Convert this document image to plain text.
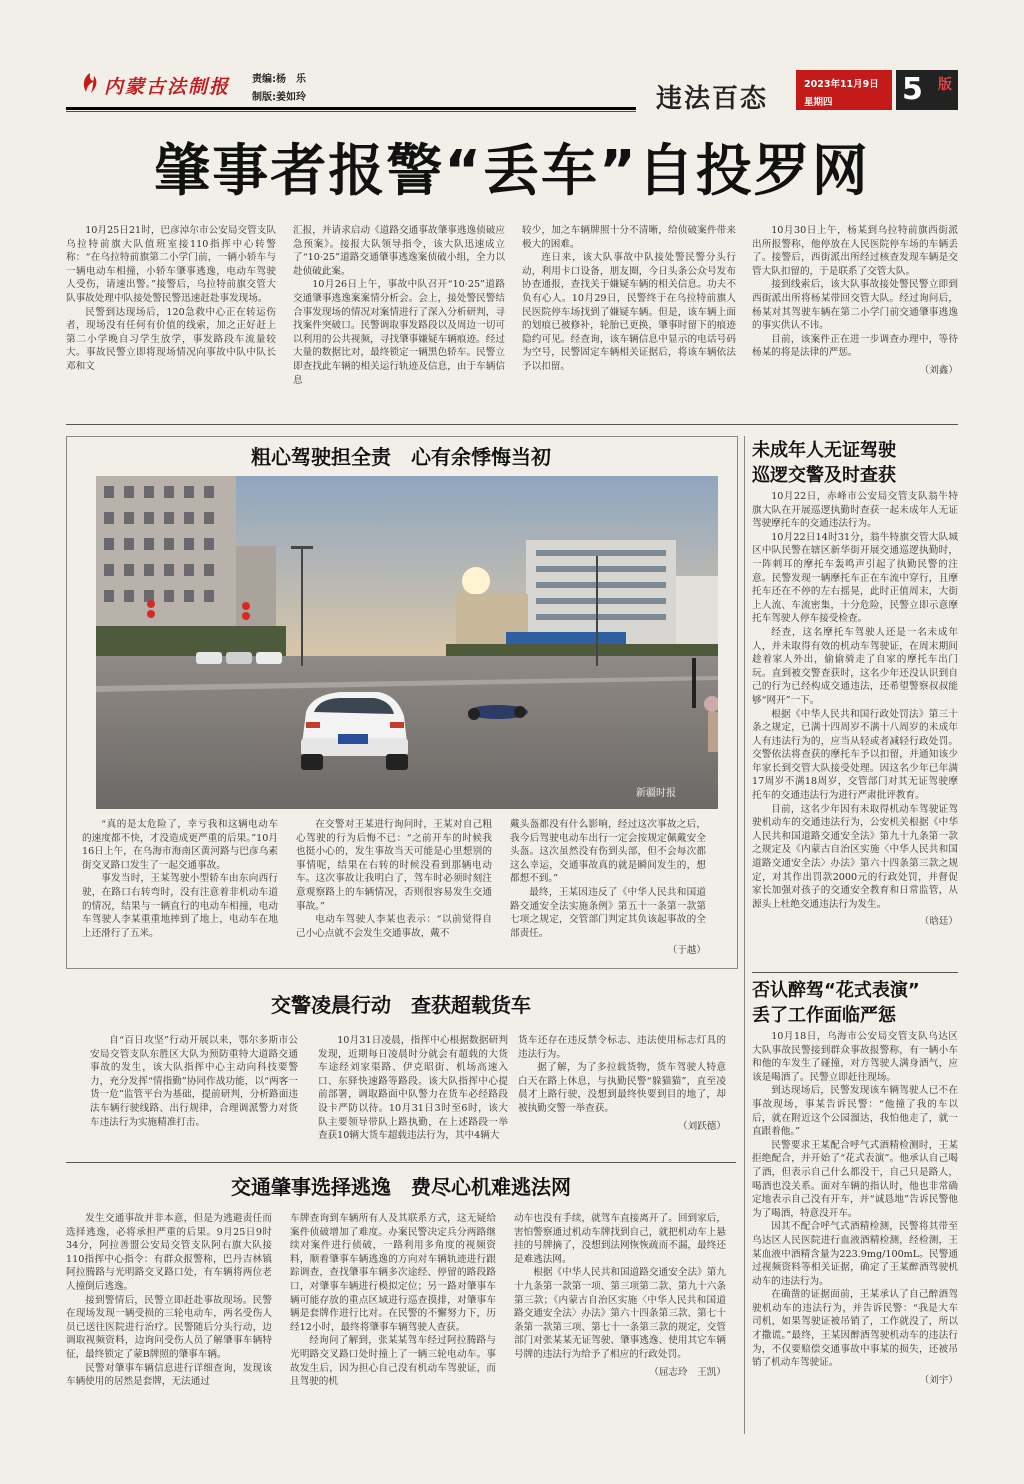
内蒙古法制报 责编:杨　乐
制版:姜如玲	违法百态	2023年11月9日
星期四 5 版
肇事者报警“丢车”自投罗网

10月25日21时，巴彦淖尔市公安局交管支队乌拉特前旗大队值班室接110指挥中心转警称：“在乌拉特前旗第二小学门前，一辆小轿车与一辆电动车相撞，小轿车肇事逃逸，电动车驾驶人受伤，请速出警。”接警后，乌拉特前旗交管大队事故处理中队接处警民警迅速赶赴事发现场。

民警到达现场后，120急救中心正在转运伤者，现场没有任何有价值的线索，加之正好赶上第二小学晚自习学生放学，事发路段车流量较大。事故民警立即将现场情况向事故中队中队长邓和文

汇报，并请求启动《道路交通事故肇事逃逸侦破应急预案》。接报大队领导指令，该大队迅速成立了“10·25”道路交通肇事逃逸案侦破小组，全力以赴侦破此案。

10月26日上午，事故中队召开“10·25”道路交通肇事逃逸案案情分析会。会上，接处警民警结合事发现场的情况对案情进行了深入分析研判，寻找案件突破口。民警调取事发路段以及周边一切可以利用的公共视频，寻找肇事嫌疑车辆痕迹。经过大量的数据比对，最终锁定一辆黑色轿车。民警立即查找此车辆的相关运行轨迹及信息，由于车辆信息

较少，加之车辆牌照十分不清晰，给侦破案件带来极大的困难。

连日来，该大队事故中队接处警民警分头行动，利用卡口设备，朋友圈，今日头条公众号发布协查通报，查找关于嫌疑车辆的相关信息。功夫不负有心人。10月29日，民警终于在乌拉特前旗人民医院停车场找到了嫌疑车辆。但是，该车辆上面的划痕已被修补，轮胎已更换，肇事时留下的痕迹隐约可见。经查询，该车辆信息中显示的电话号码为空号，民警固定车辆相关证据后，将该车辆依法予以扣留。

10月30日上午，杨某到乌拉特前旗西街派出所报警称，他停放在人民医院停车场的车辆丢了。接警后，西街派出所经过核查发现车辆是交管大队扣留的，于是联系了交管大队。

接到线索后，该大队事故接处警民警立即到西街派出所将杨某带回交管大队。经过询问后，杨某对其驾驶车辆在第二小学门前交通肇事逃逸的事实供认不讳。

目前，该案件正在进一步调查办理中，等待杨某的将是法律的严惩。

（刘鑫）
粗心驾驶担全责　心有余悸悔当初
新疆时报

“真的是太危险了，幸亏我和这辆电动车的速度都不快，才没造成更严重的后果。”10月16日上午，在乌海市海南区黄河路与巴彦乌素街交叉路口发生了一起交通事故。

事发当时，王某驾驶小型轿车由东向西行驶，在路口右转弯时，没有注意着非机动车道的情况，结果与一辆直行的电动车相撞，电动车驾驶人李某重重地摔到了地上，电动车在地上还滑行了五米。

在交警对王某进行询问时，王某对自己粗心驾驶的行为后悔不已：“之前开车的时候我也挺小心的，发生事故当天可能是心里想别的事情呢，结果在右转的时候没看到那辆电动车。这次事故让我明白了，驾车时必须时刻注意观察路上的车辆情况，否则很容易发生交通事故。”

电动车驾驶人李某也表示：“以前觉得自己小心点就不会发生交通事故，戴不

戴头盔都没有什么影响，经过这次事故之后，我今后驾驶电动车出行一定会按规定佩戴安全头盔。这次虽然没有伤到头部，但不会每次都这么幸运，交通事故真的就是瞬间发生的，想都想不到。”

最终，王某因违反了《中华人民共和国道路交通安全法实施条例》第五十一条第一款第七项之规定，交管部门判定其负该起事故的全部责任。

（于越）
交警凌晨行动　查获超载货车

自“百日攻坚”行动开展以来，鄂尔多斯市公安局交管支队东胜区大队为预防重特大道路交通事故的发生，该大队指挥中心主动向科技要警力，充分发挥“情指勤”协同作战功能，以“两客一货一危”监管平台为基础，提前研判，分析路面违法车辆行驶线路、出行规律，合理调派警力对货车违法行为实施精准打击。

10月31日凌晨，指挥中心根据数据研判发现，近期每日凌晨时分就会有超载的大货车途经刘家渠路、伊克昭街、机场高速入口、东驿快速路等路段。该大队指挥中心提前部署，调取路面中队警力在货车必经路段设卡严防以待。10月31日3时至6时，该大队主要领导带队上路执勤，在上述路段一举查获10辆大货车超载违法行为，其中4辆大

货车还存在违反禁令标志、违法使用标志灯具的违法行为。

据了解，为了多拉载货物，货车驾驶人特意白天在路上休息，与执勤民警“躲猫猫”，直至凌晨才上路行驶，没想到最终快要到目的地了，却被执勤交警一举查获。

（刘跃德）
交通肇事选择逃逸　费尽心机难逃法网

发生交通事故并非本意，但是为逃避责任而选择逃逸，必将承担严重的后果。9月25日9时34分，阿拉善盟公安局交管支队阿右旗大队接110指挥中心指令：有群众报警称，巴丹吉林镇阿拉腾路与光明路交叉路口处，有车辆将两位老人撞倒后逃逸。

接到警情后，民警立即赶赴事故现场。民警在现场发现一辆受损的三轮电动车，两名受伤人员已送往医院进行治疗。民警随后分头行动，边调取视频资料，边询问受伤人员了解肇事车辆特征，最终锁定了蒙B牌照的肇事车辆。

民警对肇事车辆信息进行详细查询，发现该车辆使用的居然是套牌，无法通过

车牌查询到车辆所有人及其联系方式，这无疑给案件侦破增加了难度。办案民警决定兵分两路继续对案件进行侦破，一路利用多角度的视频资料，顺着肇事车辆逃逸的方向对车辆轨迹进行跟踪调查，查找肇事车辆多次途经、停留的路段路口，对肇事车辆进行模拟定位；另一路对肇事车辆可能存放的重点区域进行巡查摸排，对肇事车辆是套牌作进行比对。在民警的不懈努力下，历经12小时，最终将肇事车辆驾驶人查获。

经询问了解到，张某某驾车经过阿拉腾路与光明路交叉路口处时撞上了一辆三轮电动车。事故发生后，因为担心自己没有机动车驾驶证，而且驾驶的机

动车也没有手续，就驾车直接离开了。回到家后，害怕警察通过机动车牌找到自己，就把机动车上悬挂的号牌摘了，没想到法网恢恢疏而不漏，最终还是难逃法网。

根据《中华人民共和国道路交通安全法》第九十九条第一款第一项、第三项第二款、第九十六条第三款；《内蒙古自治区实施〈中华人民共和国道路交通安全法〉办法》第六十四条第三款、第七十条第一款第三项、第七十一条第三款的规定，交管部门对张某某无证驾驶、肇事逃逸、使用其它车辆号牌的违法行为给予了相应的行政处罚。

（屈志玲　王凯）
未成年人无证驾驶
巡逻交警及时查获

10月22日，赤峰市公安局交管支队翁牛特旗大队在开展巡逻执勤时查获一起未成年人无证驾驶摩托车的交通违法行为。

10月22日14时31分，翁牛特旗交管大队城区中队民警在辖区新华街开展交通巡逻执勤时，一阵刺耳的摩托车轰鸣声引起了执勤民警的注意。民警发现一辆摩托车正在车流中穿行，且摩托车还在不停的左右摇晃，此时正值周末，大街上人流、车流密集，十分危险，民警立即示意摩托车驾驶人停车接受检查。

经查，这名摩托车驾驶人还是一名未成年人，并未取得有效的机动车驾驶证，在周末期间趁着家人外出，偷偷骑走了自家的摩托车出门玩。直到被交警查获时，这名少年还没认识到自己的行为已经构成交通违法，还希望警察叔叔能够“网开”一下。

根据《中华人民共和国行政处罚法》第三十条之规定，已满十四周岁不满十八周岁的未成年人有违法行为的，应当从轻或者减轻行政处罚。交警依法将查获的摩托车予以扣留，并通知该少年家长到交管大队接受处理。因这名少年已年满17周岁不满18周岁，交管部门对其无证驾驶摩托车的交通违法行为进行严肃批评教育。

目前，这名少年因有未取得机动车驾驶证驾驶机动车的交通违法行为，公安机关根据《中华人民共和国道路交通安全法》第九十九条第一款之规定及《内蒙古自治区实施〈中华人民共和国道路交通安全法〉办法》第六十四条第三款之规定，对其作出罚款2000元的行政处罚，并督促家长加强对孩子的交通安全教育和日常监管，从源头上杜绝交通违法行为发生。

（晗廷）
否认醉驾“花式表演”
丢了工作面临严惩

10月18日，乌海市公安局交管支队乌达区大队事故民警接到群众事故报警称，有一辆小车和他的车发生了碰撞，对方驾驶人满身酒气，应该是喝酒了。民警立即赶往现场。

到达现场后，民警发现该车辆驾驶人已不在事故现场，事某告诉民警：“他撞了我的车以后，就在附近这个公园溜达，我怕他走了，就一直跟着他。”

民警要求王某配合呼气式酒精检测时，王某拒绝配合，并开始了“花式表演”。他承认自己喝了酒，但表示自己什么都没干，自己只是路人，喝酒也没关系。面对车辆的指认时，他也非常确定地表示自己没有开车，并“诚恳地”告诉民警他为了喝酒，特意没开车。

因其不配合呼气式酒精检测，民警将其带至乌达区人民医院进行血液酒精检测，经检测，王某血液中酒精含量为223.9mg/100mL。民警通过视频资料等相关证据，确定了王某醉酒驾驶机动车的违法行为。

在确凿的证据面前，王某承认了自己醉酒驾驶机动车的违法行为，并告诉民警：“我是大车司机，如果驾驶证被吊销了，工作就没了，所以才撒谎。”最终，王某因醉酒驾驶机动车的违法行为，不仅要赔偿交通事故中事某的损失，还被吊销了机动车驾驶证。

（刘宇）
